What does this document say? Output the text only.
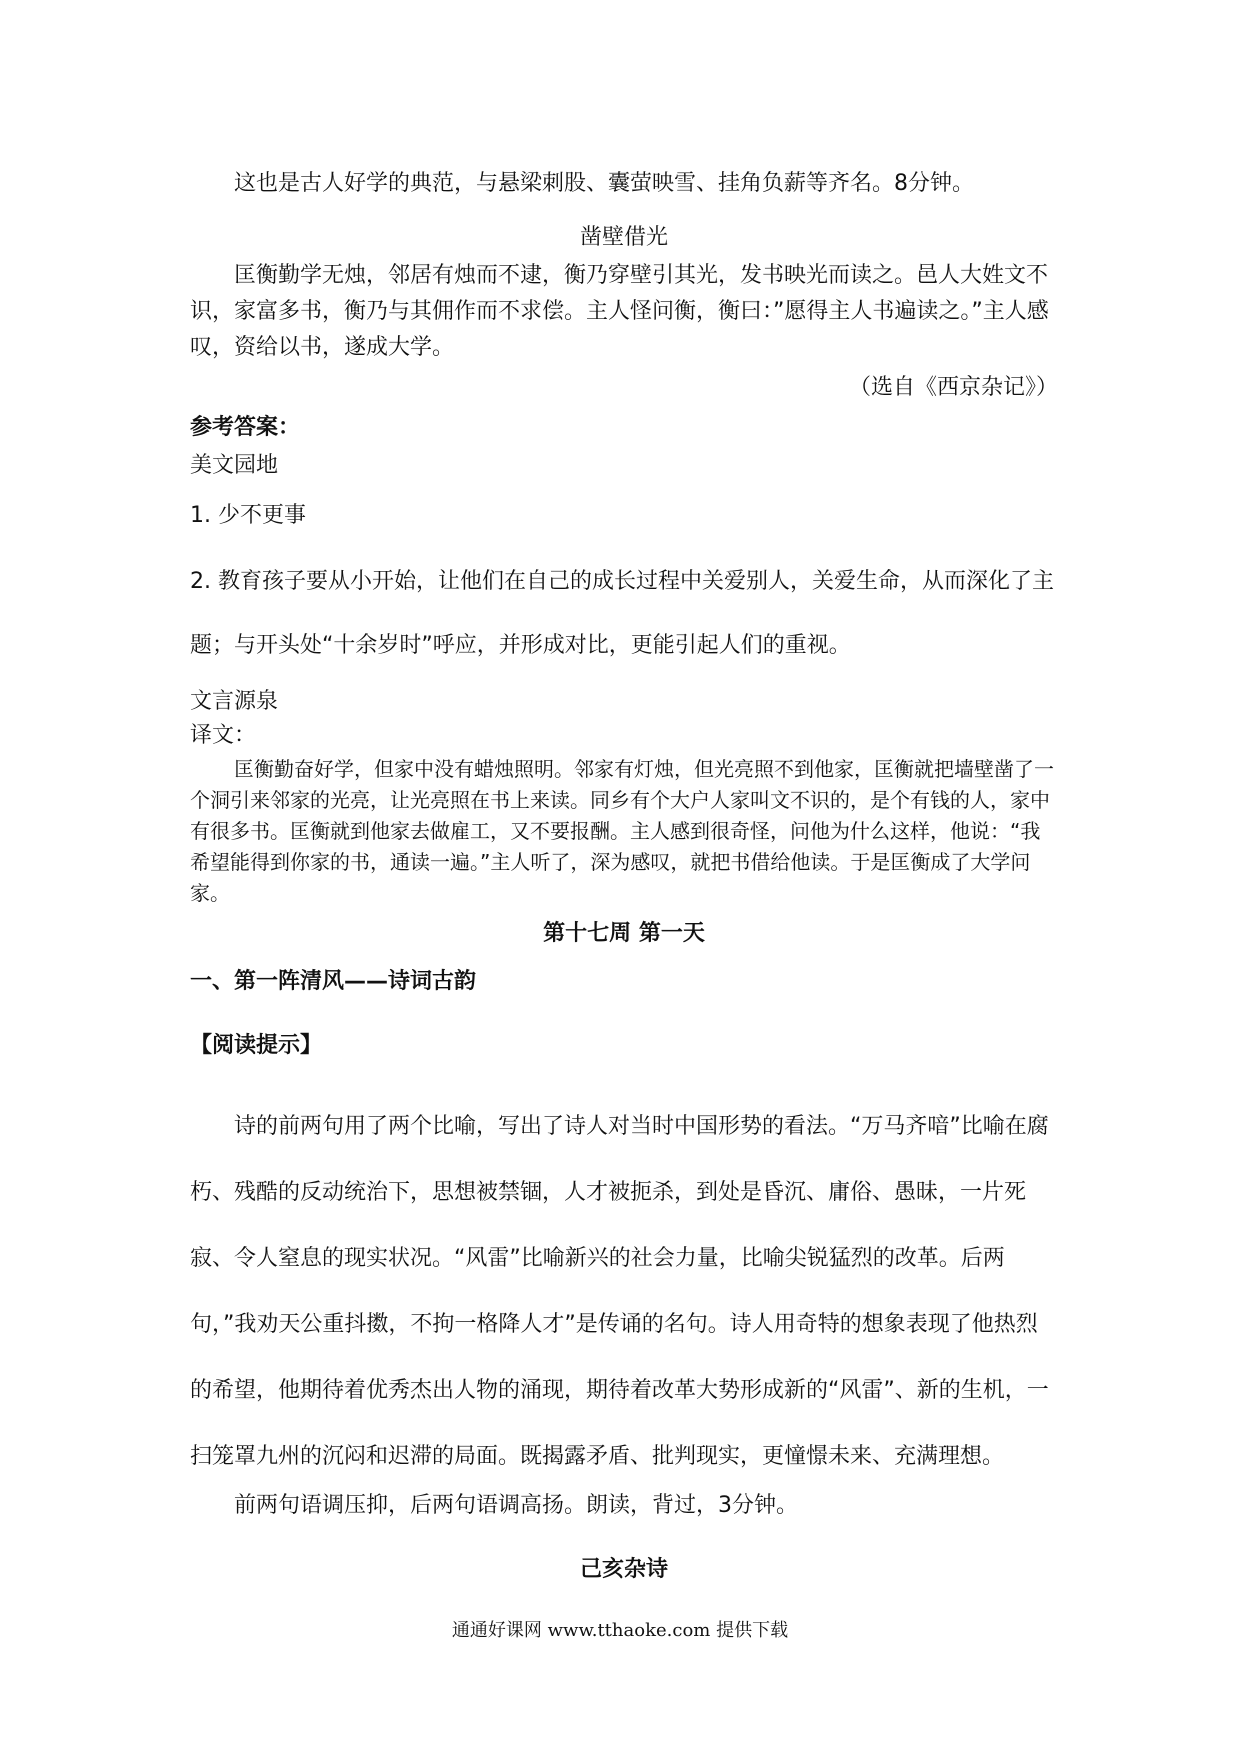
这也是古人好学的典范，与悬梁刺股、囊萤映雪、挂角负薪等齐名。8分钟。

凿壁借光

匡衡勤学无烛，邻居有烛而不逮，衡乃穿壁引其光，发书映光而读之。邑人大姓文不识，家富多书，衡乃与其佣作而不求偿。主人怪问衡，衡曰：”愿得主人书遍读之。”主人感叹，资给以书，遂成大学。

（选自《西京杂记》）

参考答案：

美文园地

1. 少不更事

2. 教育孩子要从小开始，让他们在自己的成长过程中关爱别人，关爱生命，从而深化了主题；与开头处“十余岁时”呼应，并形成对比，更能引起人们的重视。

文言源泉

译文：

匡衡勤奋好学，但家中没有蜡烛照明。邻家有灯烛，但光亮照不到他家，匡衡就把墙壁凿了一个洞引来邻家的光亮，让光亮照在书上来读。同乡有个大户人家叫文不识的，是个有钱的人，家中有很多书。匡衡就到他家去做雇工，又不要报酬。主人感到很奇怪，问他为什么这样，他说：“我希望能得到你家的书，通读一遍。”主人听了，深为感叹，就把书借给他读。于是匡衡成了大学问家。

第十七周 第一天

一、第一阵清风——诗词古韵

【阅读提示】

诗的前两句用了两个比喻，写出了诗人对当时中国形势的看法。“万马齐喑”比喻在腐朽、残酷的反动统治下，思想被禁锢，人才被扼杀，到处是昏沉、庸俗、愚昧，一片死寂、令人窒息的现实状况。“风雷”比喻新兴的社会力量，比喻尖锐猛烈的改革。后两句，”我劝天公重抖擞，不拘一格降人才”是传诵的名句。诗人用奇特的想象表现了他热烈的希望，他期待着优秀杰出人物的涌现，期待着改革大势形成新的“风雷”、新的生机，一扫笼罩九州的沉闷和迟滞的局面。既揭露矛盾、批判现实，更憧憬未来、充满理想。

前两句语调压抑，后两句语调高扬。朗读，背过，3分钟。

己亥杂诗

通通好课网 www.tthaoke.com 提供下载
